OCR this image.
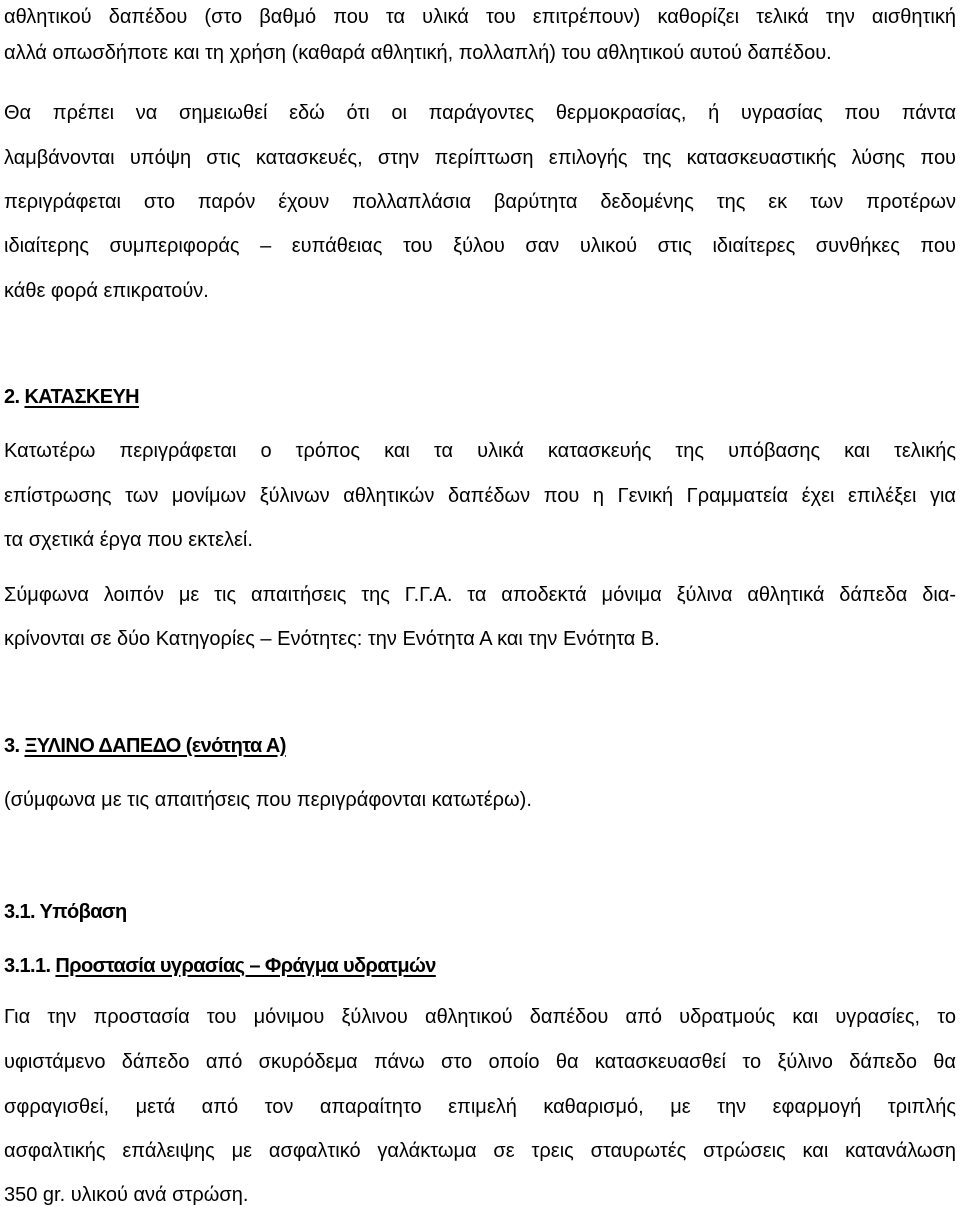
αθλητικού δαπέδου (στο βαθμό που τα υλικά του επιτρέπουν) καθορίζει τελικά την αισθητική
αλλά οπωσδήποτε και τη χρήση (καθαρά αθλητική, πολλαπλή) του αθλητικού αυτού δαπέδου.
Θα πρέπει να σημειωθεί εδώ ότι οι παράγοντες θερμοκρασίας, ή υγρασίας που πάντα
λαμβάνονται υπόψη στις κατασκευές, στην περίπτωση επιλογής της κατασκευαστικής λύσης που
περιγράφεται στο παρόν έχουν πολλαπλάσια βαρύτητα δεδομένης της εκ των προτέρων
ιδιαίτερης συμπεριφοράς – ευπάθειας του ξύλου σαν υλικού στις ιδιαίτερες συνθήκες που
κάθε φορά επικρατούν.
2. ΚΑΤΑΣΚΕΥΗ
Κατωτέρω περιγράφεται ο τρόπος και τα υλικά κατασκευής της υπόβασης και τελικής
επίστρωσης των μονίμων ξύλινων αθλητικών δαπέδων που η Γενική Γραμματεία έχει επιλέξει για
τα σχετικά έργα που εκτελεί.
Σύμφωνα λοιπόν με τις απαιτήσεις της Γ.Γ.Α. τα αποδεκτά μόνιμα ξύλινα αθλητικά δάπεδα δια-
κρίνονται σε δύο Κατηγορίες – Ενότητες: την Ενότητα Α και την Ενότητα Β.
3. ΞΥΛΙΝΟ ΔΑΠΕΔΟ (ενότητα Α)
(σύμφωνα με τις απαιτήσεις που περιγράφονται κατωτέρω).
3.1. Υπόβαση
3.1.1. Προστασία υγρασίας – Φράγμα υδρατμών
Για την προστασία του μόνιμου ξύλινου αθλητικού δαπέδου από υδρατμούς και υγρασίες, το
υφιστάμενο δάπεδο από σκυρόδεμα πάνω στο οποίο θα κατασκευασθεί το ξύλινο δάπεδο θα
σφραγισθεί, μετά από τον απαραίτητο επιμελή καθαρισμό, με την εφαρμογή τριπλής
ασφαλτικής επάλειψης με ασφαλτικό γαλάκτωμα σε τρεις σταυρωτές στρώσεις και κατανάλωση
350 gr. υλικού ανά στρώση.
